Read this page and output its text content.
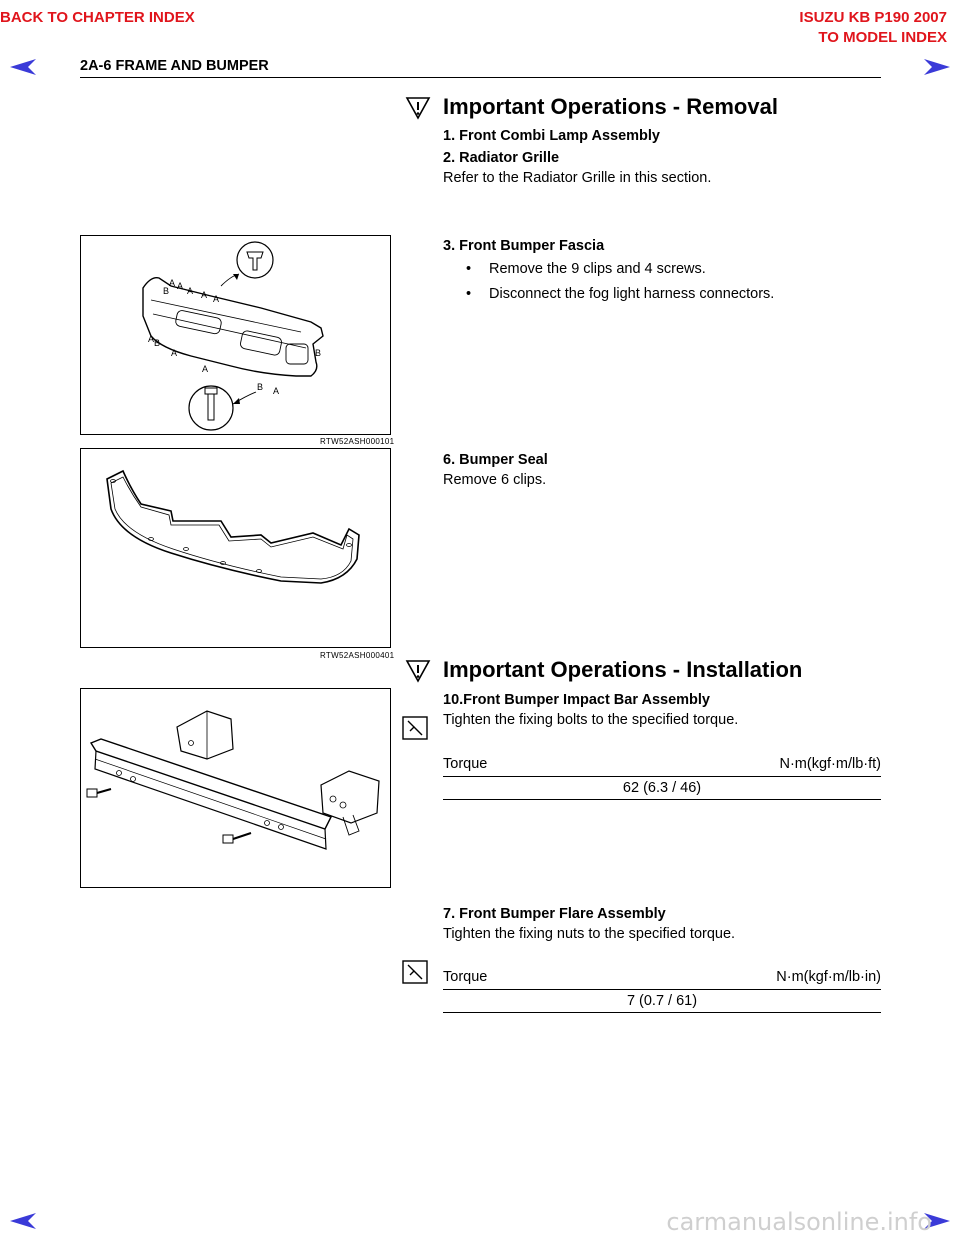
BACK TO CHAPTER INDEX	ISUZU KB P190 2007
TO MODEL INDEX
2A-6 FRAME AND BUMPER
Important Operations - Removal
1. Front Combi Lamp Assembly
2. Radiator Grille
Refer to the Radiator Grille in this section.
B
A A A A A
A B
A
A
B
B A
RTW52ASH000101
3. Front Bumper Fascia
• Remove the 9 clips and 4 screws.
• Disconnect the fog light harness connectors.
RTW52ASH000401
6. Bumper Seal
Remove 6 clips.
Important Operations - Installation
10.Front Bumper Impact Bar Assembly
Tighten the fixing bolts to the specified torque.
Torque	N·m(kgf·m/lb·ft)
62 (6.3 / 46)
7. Front Bumper Flare Assembly
Tighten the fixing nuts to the specified torque.
Torque	N·m(kgf·m/lb·in)
7 (0.7 / 61)
carmanualsonline.info
